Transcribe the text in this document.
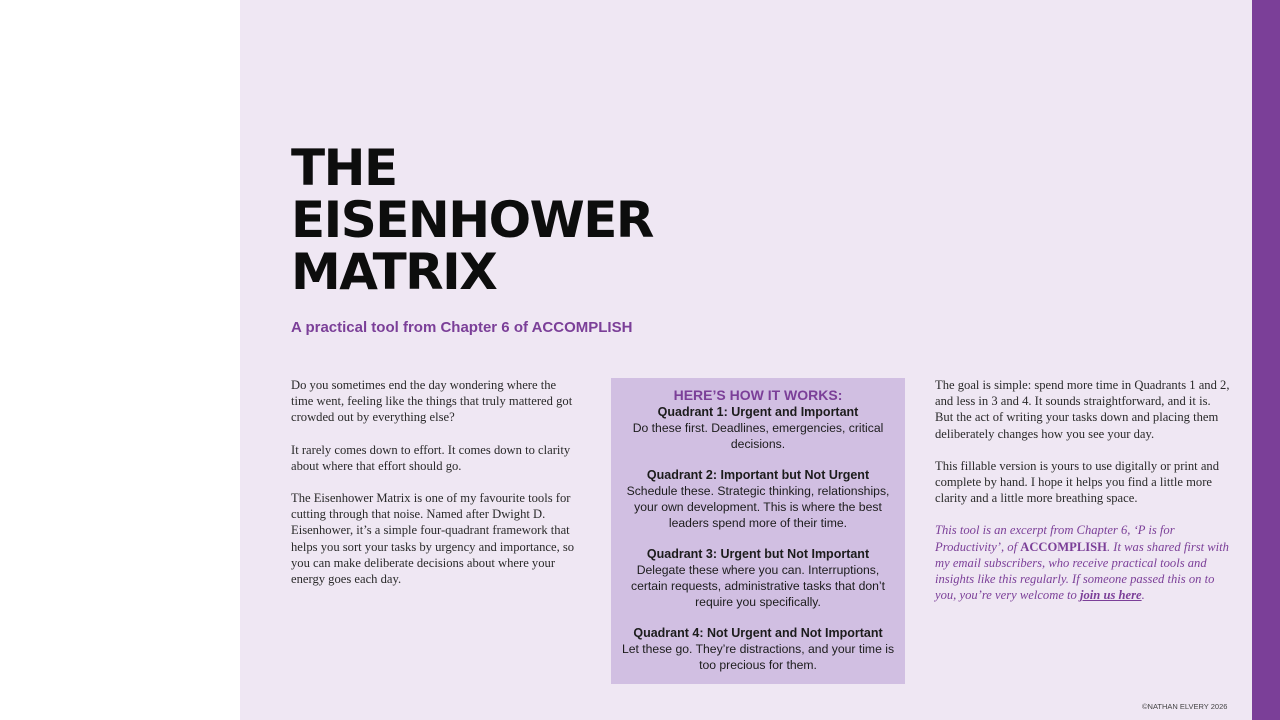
THE
EISENHOWER
MATRIX

A practical tool from Chapter 6 of ACCOMPLISH

Do you sometimes end the day wondering where the time went, feeling like the things that truly mattered got crowded out by everything else?

It rarely comes down to effort. It comes down to clarity about where that effort should go.

The Eisenhower Matrix is one of my favourite tools for cutting through that noise. Named after Dwight D. Eisenhower, it’s a simple four-quadrant framework that helps you sort your tasks by urgency and importance, so you can make deliberate decisions about where your energy goes each day.

HERE’S HOW IT WORKS:
Quadrant 1: Urgent and Important
Do these first. Deadlines, emergencies, critical decisions.
Quadrant 2: Important but Not Urgent
Schedule these. Strategic thinking, relationships, your own development. This is where the best leaders spend more of their time.
Quadrant 3: Urgent but Not Important
Delegate these where you can. Interruptions, certain requests, administrative tasks that don’t require you specifically.
Quadrant 4: Not Urgent and Not Important
Let these go. They’re distractions, and your time is too precious for them.

The goal is simple: spend more time in Quadrants 1 and 2, and less in 3 and 4. It sounds straightforward, and it is. But the act of writing your tasks down and placing them deliberately changes how you see your day.

This fillable version is yours to use digitally or print and complete by hand. I hope it helps you find a little more clarity and a little more breathing space.

This tool is an excerpt from Chapter 6, ‘P is for Productivity’, of ACCOMPLISH. It was shared first with my email subscribers, who receive practical tools and insights like this regularly. If someone passed this on to you, you’re very welcome to join us here.

©NATHAN ELVERY 2026
